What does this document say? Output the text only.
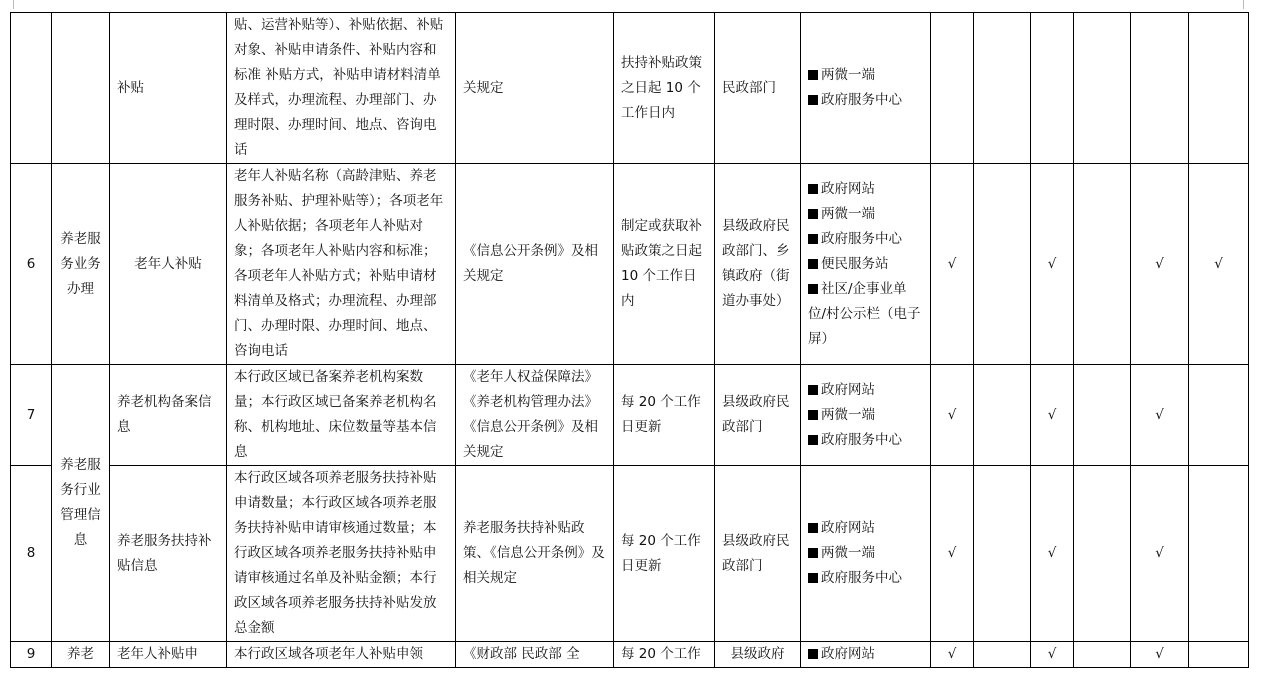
		补贴	贴、运营补贴等）、补贴依据、补贴对象、补贴申请条件、补贴内容和标准 补贴方式，补贴申请材料清单及样式，办理流程、办理部门、办理时限、办理时间、地点、咨询电话	关规定	扶持补贴政策之日起 10 个工作日内	民政部门	两微一端
政府服务中心						

6	养老服务业务办理	老年人补贴	老年人补贴名称（高龄津贴、养老服务补贴、护理补贴等）；各项老年人补贴依据；各项老年人补贴对象；各项老年人补贴内容和标准；各项老年人补贴方式；补贴申请材料清单及格式；办理流程、办理部门、办理时限、办理时间、地点、咨询电话	《信息公开条例》及相关规定	制定或获取补贴政策之日起 10 个工作日内	县级政府民政部门、乡镇政府（街道办事处）	政府网站
两微一端
政府服务中心
便民服务站
社区/企事业单位/村公示栏（电子屏）	√		√		√	√
7	养老服务行业管理信息	养老机构备案信息	本行政区域已备案养老机构案数量；本行政区域已备案养老机构名称、机构地址、床位数量等基本信息	《老年人权益保障法》《养老机构管理办法》《信息公开条例》及相关规定	每 20 个工作日更新	县级政府民政部门	政府网站
两微一端
政府服务中心	√		√		√	
8		养老服务扶持补贴信息	本行政区域各项养老服务扶持补贴申请数量；本行政区域各项养老服务扶持补贴申请审核通过数量；本行政区域各项养老服务扶持补贴申请审核通过名单及补贴金额；本行政区域各项养老服务扶持补贴发放总金额	养老服务扶持补贴政策、《信息公开条例》及相关规定	每 20 个工作日更新	县级政府民政部门	政府网站
两微一端
政府服务中心	√		√		√	
9	养老	老年人补贴申	本行政区域各项老年人补贴申领	《财政部 民政部 全	每 20 个工作	县级政府	政府网站	√		√		√	
